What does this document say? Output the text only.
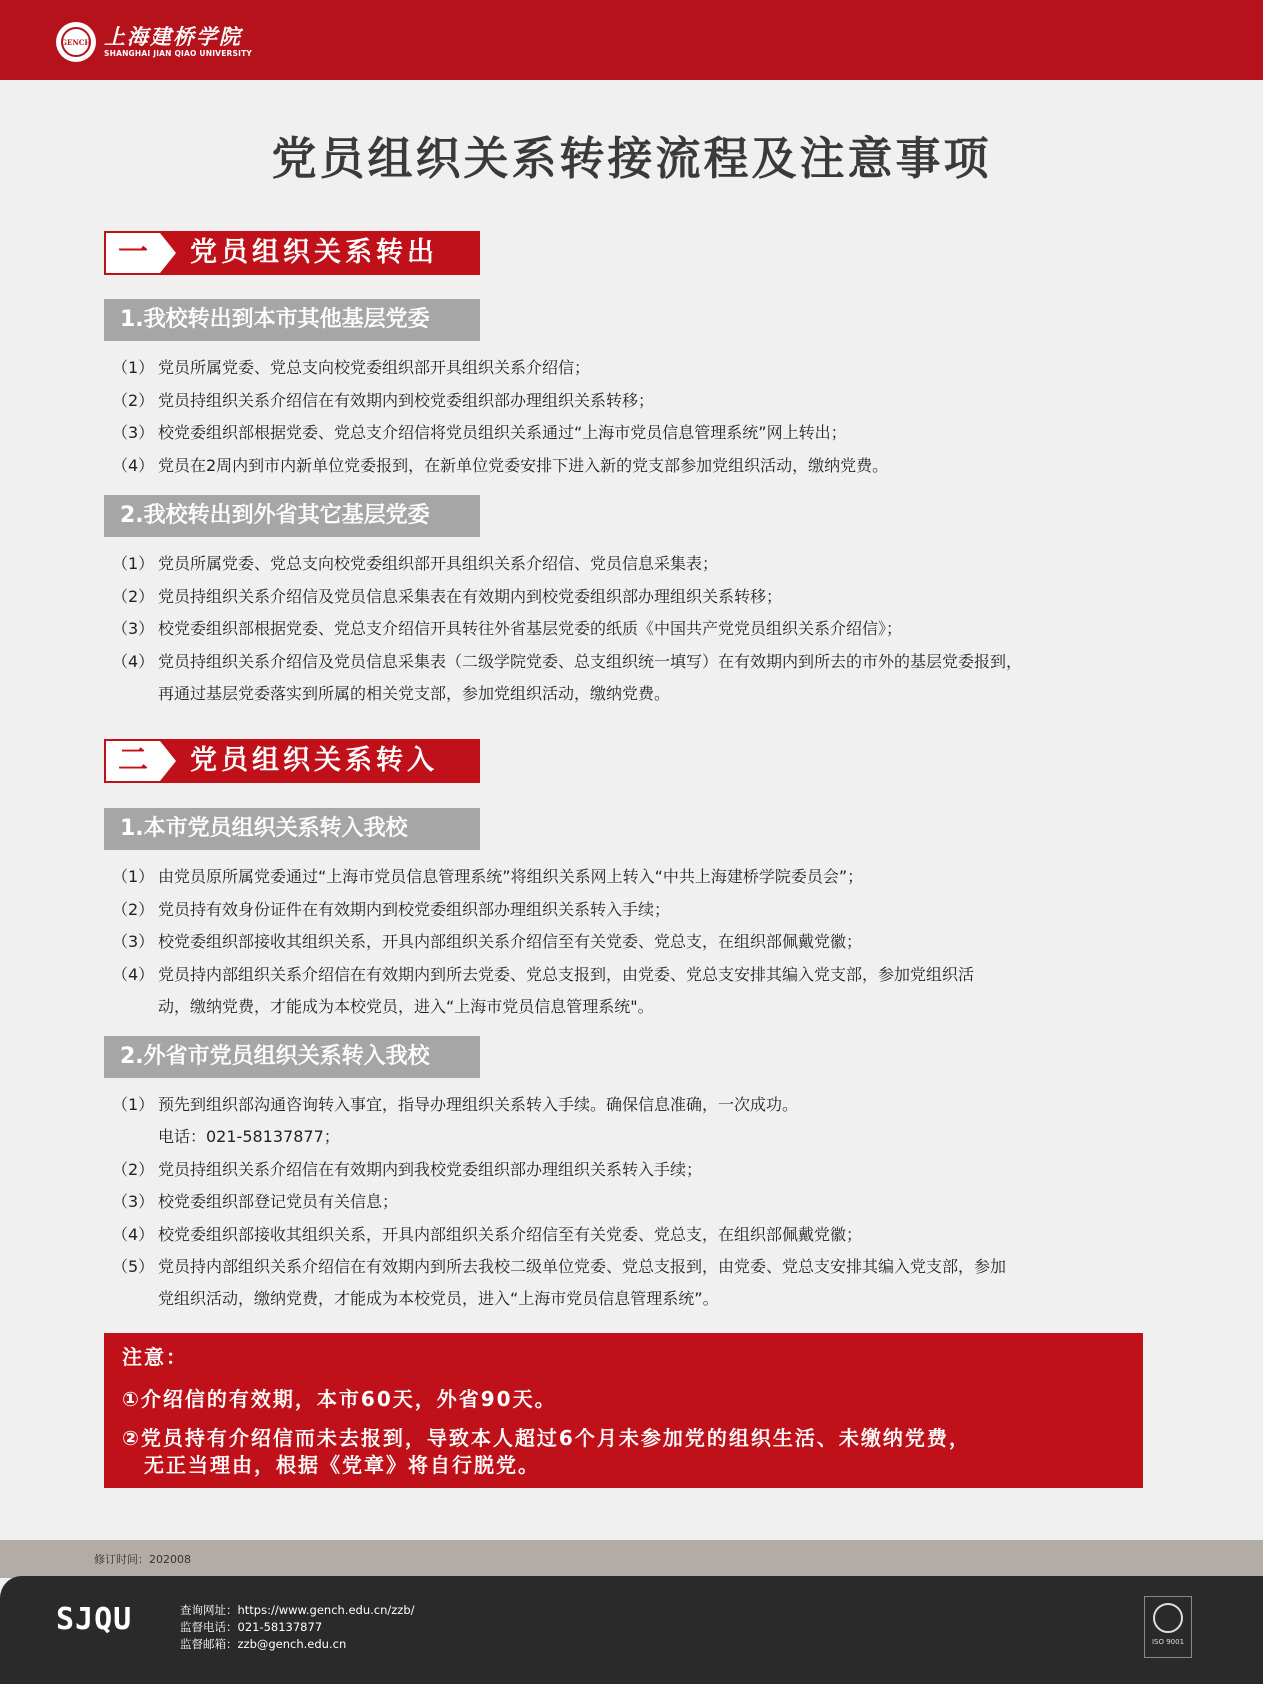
GENCH 上海建桥学院
SHANGHAI JIAN QIAO UNIVERSITY
党员组织关系转接流程及注意事项
一	党员组织关系转出
1.我校转出到本市其他基层党委
（1） 党员所属党委、党总支向校党委组织部开具组织关系介绍信；
（2） 党员持组织关系介绍信在有效期内到校党委组织部办理组织关系转移；
（3） 校党委组织部根据党委、党总支介绍信将党员组织关系通过“上海市党员信息管理系统”网上转出；
（4） 党员在2周内到市内新单位党委报到，在新单位党委安排下进入新的党支部参加党组织活动，缴纳党费。
2.我校转出到外省其它基层党委
（1） 党员所属党委、党总支向校党委组织部开具组织关系介绍信、党员信息采集表；
（2） 党员持组织关系介绍信及党员信息采集表在有效期内到校党委组织部办理组织关系转移；
（3） 校党委组织部根据党委、党总支介绍信开具转往外省基层党委的纸质《中国共产党党员组织关系介绍信》；
（4） 党员持组织关系介绍信及党员信息采集表（二级学院党委、总支组织统一填写）在有效期内到所去的市外的基层党委报到，
再通过基层党委落实到所属的相关党支部，参加党组织活动，缴纳党费。
二	党员组织关系转入
1.本市党员组织关系转入我校
（1） 由党员原所属党委通过“上海市党员信息管理系统”将组织关系网上转入“中共上海建桥学院委员会”；
（2） 党员持有效身份证件在有效期内到校党委组织部办理组织关系转入手续；
（3） 校党委组织部接收其组织关系，开具内部组织关系介绍信至有关党委、党总支，在组织部佩戴党徽；
（4） 党员持内部组织关系介绍信在有效期内到所去党委、党总支报到，由党委、党总支安排其编入党支部，参加党组织活
动，缴纳党费，才能成为本校党员，进入“上海市党员信息管理系统"。
2.外省市党员组织关系转入我校
（1） 预先到组织部沟通咨询转入事宜，指导办理组织关系转入手续。确保信息准确，一次成功。
电话：021-58137877；
（2） 党员持组织关系介绍信在有效期内到我校党委组织部办理组织关系转入手续；
（3） 校党委组织部登记党员有关信息；
（4） 校党委组织部接收其组织关系，开具内部组织关系介绍信至有关党委、党总支，在组织部佩戴党徽；
（5） 党员持内部组织关系介绍信在有效期内到所去我校二级单位党委、党总支报到，由党委、党总支安排其编入党支部，参加
党组织活动，缴纳党费，才能成为本校党员，进入“上海市党员信息管理系统”。
注意：
①介绍信的有效期，本市60天，外省90天。
②党员持有介绍信而未去报到，导致本人超过6个月未参加党的组织生活、未缴纳党费，
　无正当理由，根据《党章》将自行脱党。
修订时间：202008
SJQU	查询网址：https://www.gench.edu.cn/zzb/
监督电话：021-58137877
监督邮箱：zzb@gench.edu.cn	ISO 9001
